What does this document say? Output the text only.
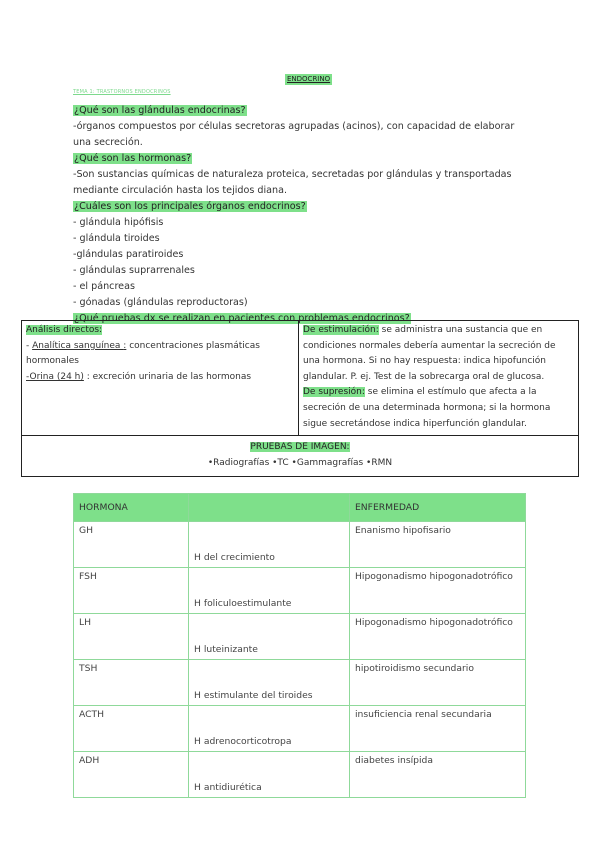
ENDOCRINO
TEMA 1: TRASTORNOS ENDOCRINOS
¿Qué son las glándulas endocrinas?
-órganos compuestos por células secretoras agrupadas (acinos), con capacidad de elaborar
una secreción.
¿Qué son las hormonas?
-Son sustancias químicas de naturaleza proteica, secretadas por glándulas y transportadas
mediante circulación hasta los tejidos diana.
¿Cuáles son los principales órganos endocrinos?
- glándula hipófisis
- glándula tiroides
-glándulas paratiroides
- glándulas suprarrenales
- el páncreas
- gónadas (glándulas reproductoras)
¿Qué pruebas dx se realizan en pacientes con problemas endocrinos?
Análisis directos:
- Analítica sanguínea : concentraciones plasmáticas
hormonales
-Orina (24 h) : excreción urinaria de las hormonas

De estimulación: se administra una sustancia que en
condiciones normales debería aumentar la secreción de
una hormona. Si no hay respuesta: indica hipofunción
glandular. P. ej. Test de la sobrecarga oral de glucosa.
De supresión: se elimina el estímulo que afecta a la
secreción de una determinada hormona; si la hormona
sigue secretándose indica hiperfunción glandular.

PRUEBAS DE IMAGEN:
•Radiografías •TC •Gammagrafías •RMN
HORMONA		ENFERMEDAD
GH	H del crecimiento	Enanismo hipofisario
FSH	H foliculoestimulante	Hipogonadismo hipogonadotrófico
LH	H luteinizante	Hipogonadismo hipogonadotrófico
TSH	H estimulante del tiroides	hipotiroidismo secundario
ACTH	H adrenocorticotropa	insuficiencia renal secundaria
ADH	H antidiurética	diabetes insípida
